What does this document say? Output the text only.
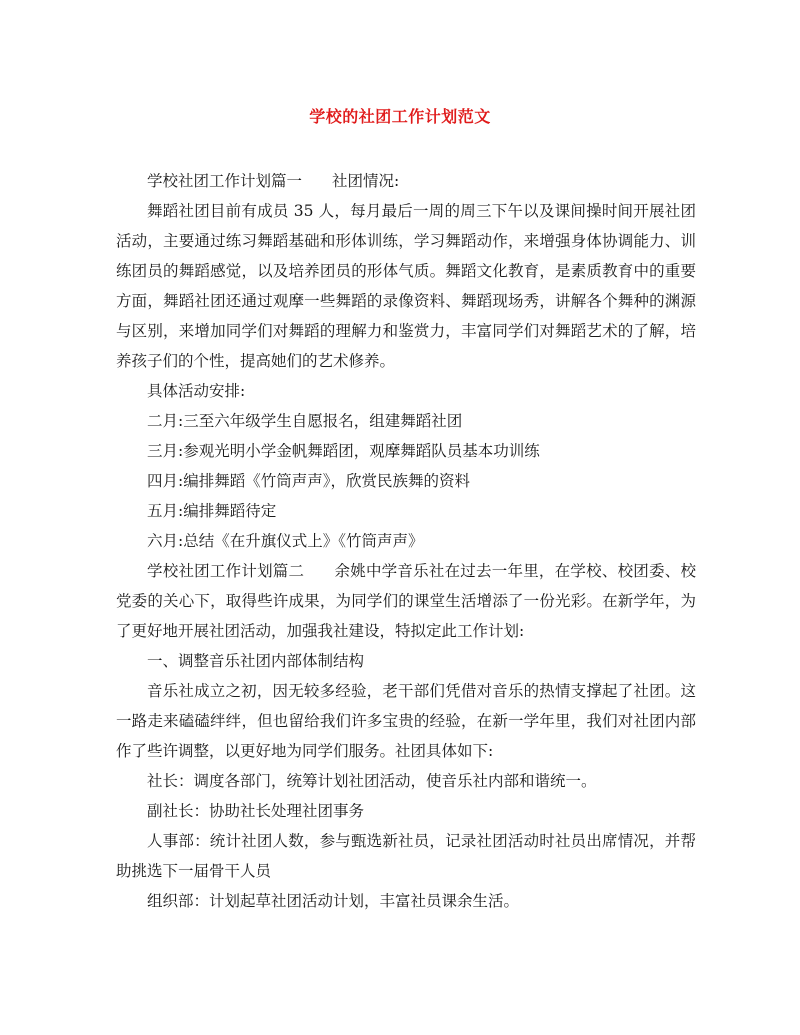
学校的社团工作计划范文

学校社团工作计划篇一 社团情况:

舞蹈社团目前有成员 35 人，每月最后一周的周三下午以及课间操时间开展社团活动，主要通过练习舞蹈基础和形体训练，学习舞蹈动作，来增强身体协调能力、训练团员的舞蹈感觉，以及培养团员的形体气质。舞蹈文化教育，是素质教育中的重要方面，舞蹈社团还通过观摩一些舞蹈的录像资料、舞蹈现场秀，讲解各个舞种的渊源与区别，来增加同学们对舞蹈的理解力和鉴赏力，丰富同学们对舞蹈艺术的了解，培养孩子们的个性，提高她们的艺术修养。

具体活动安排:

二月:三至六年级学生自愿报名，组建舞蹈社团

三月:参观光明小学金帆舞蹈团，观摩舞蹈队员基本功训练

四月:编排舞蹈《竹筒声声》，欣赏民族舞的资料

五月:编排舞蹈待定

六月:总结《在升旗仪式上》《竹筒声声》

学校社团工作计划篇二 余姚中学音乐社在过去一年里，在学校、校团委、校党委的关心下，取得些许成果，为同学们的课堂生活增添了一份光彩。在新学年，为了更好地开展社团活动，加强我社建设，特拟定此工作计划:

一、调整音乐社团内部体制结构

音乐社成立之初，因无较多经验，老干部们凭借对音乐的热情支撑起了社团。这一路走来磕磕绊绊，但也留给我们许多宝贵的经验，在新一学年里，我们对社团内部作了些许调整，以更好地为同学们服务。社团具体如下:

社长：调度各部门，统筹计划社团活动，使音乐社内部和谐统一。

副社长：协助社长处理社团事务

人事部：统计社团人数，参与甄选新社员，记录社团活动时社员出席情况，并帮助挑选下一届骨干人员

组织部：计划起草社团活动计划，丰富社员课余生活。
